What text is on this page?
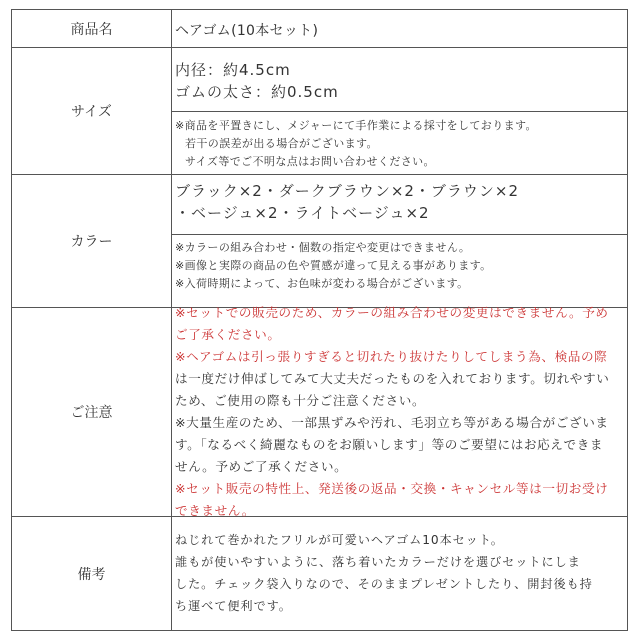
商品名	ヘアゴム(10本セット)
サイズ

内径：約4.5cm

ゴムの太さ：約0.5cm

※商品を平置きにし、メジャーにて手作業による採寸をしております。

若干の誤差が出る場合がございます。

サイズ等でご不明な点はお問い合わせください。

カラー

ブラック×2・ダークブラウン×2・ブラウン×2

・ベージュ×2・ライトベージュ×2

※カラーの組み合わせ・個数の指定や変更はできません。

※画像と実際の商品の色や質感が違って見える事があります。

※入荷時期によって、お色味が変わる場合がございます。

ご注意

※セットでの販売のため、カラーの組み合わせの変更はできません。予め

ご了承ください。

※ヘアゴムは引っ張りすぎると切れたり抜けたりしてしまう為、検品の際

は一度だけ伸ばしてみて大丈夫だったものを入れております。切れやすい

ため、ご使用の際も十分ご注意ください。

※大量生産のため、一部黒ずみや汚れ、毛羽立ち等がある場合がございま

す。「なるべく綺麗なものをお願いします」等のご要望にはお応えできま

せん。予めご了承ください。

※セット販売の特性上、発送後の返品・交換・キャンセル等は一切お受け

できません。

備考

ねじれて巻かれたフリルが可愛いヘアゴム10本セット。

誰もが使いやすいように、落ち着いたカラーだけを選びセットにしま

した。チェック袋入りなので、そのままプレゼントしたり、開封後も持

ち運べて便利です。
